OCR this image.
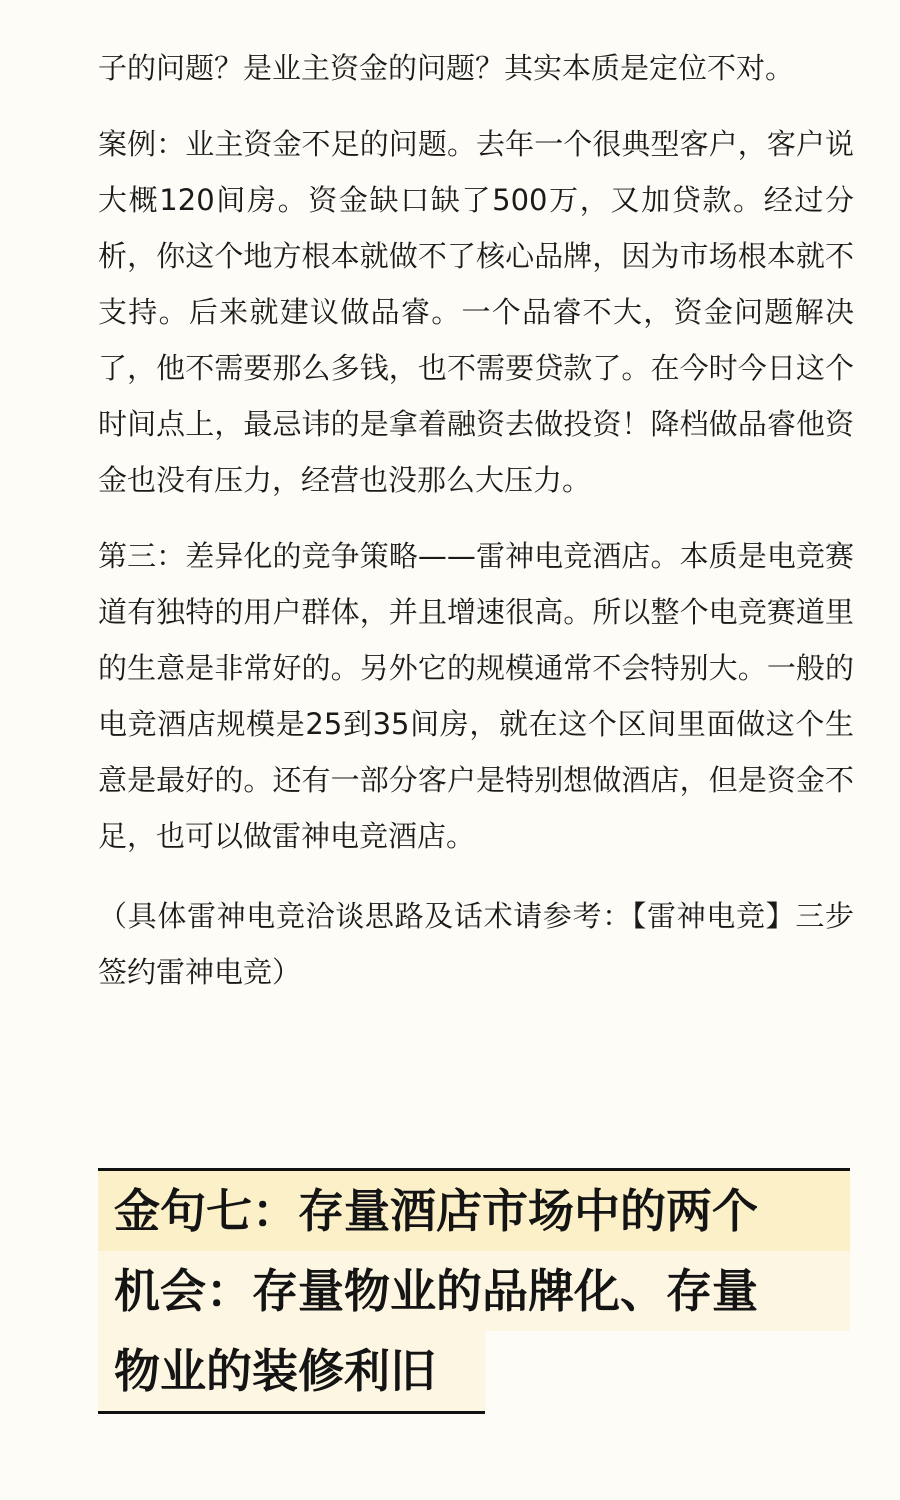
子的问题？是业主资金的问题？其实本质是定位不对。

案例：业主资金不足的问题。去年一个很典型客户，客户说大概120间房。资金缺口缺了500万，又加贷款。经过分析，你这个地方根本就做不了核心品牌，因为市场根本就不支持。后来就建议做品睿。一个品睿不大，资金问题解决了，他不需要那么多钱，也不需要贷款了。在今时今日这个时间点上，最忌讳的是拿着融资去做投资！降档做品睿他资金也没有压力，经营也没那么大压力。

第三：差异化的竞争策略——雷神电竞酒店。本质是电竞赛道有独特的用户群体，并且增速很高。所以整个电竞赛道里的生意是非常好的。另外它的规模通常不会特别大。一般的电竞酒店规模是25到35间房，就在这个区间里面做这个生意是最好的。还有一部分客户是特别想做酒店，但是资金不足，也可以做雷神电竞酒店。

（具体雷神电竞洽谈思路及话术请参考：【雷神电竞】三步签约雷神电竞）

金句七：存量酒店市场中的两个
机会：存量物业的品牌化、存量
物业的装修利旧
